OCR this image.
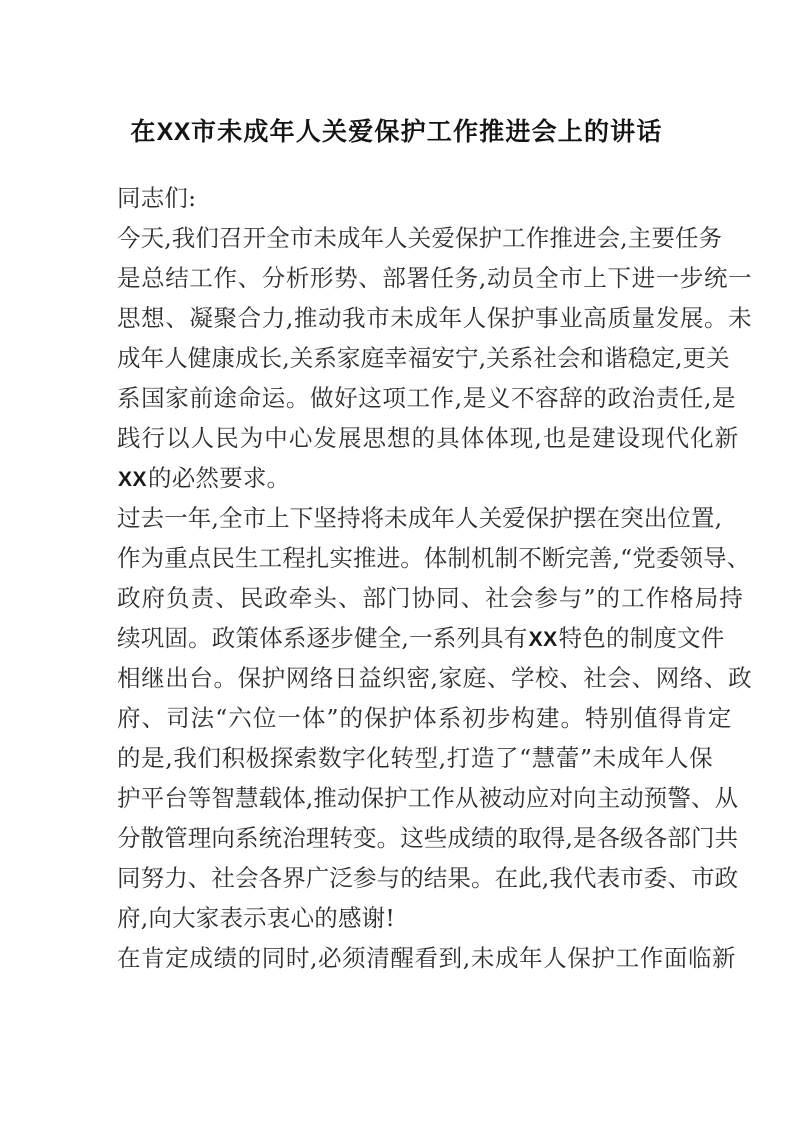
在XX市未成年人关爱保护工作推进会上的讲话
同志们:
今天,我们召开全市未成年人关爱保护工作推进会,主要任务
是总结工作、分析形势、部署任务,动员全市上下进一步统一
思想、凝聚合力,推动我市未成年人保护事业高质量发展。未
成年人健康成长,关系家庭幸福安宁,关系社会和谐稳定,更关
系国家前途命运。做好这项工作,是义不容辞的政治责任,是
践行以人民为中心发展思想的具体体现,也是建设现代化新
XX的必然要求。
过去一年,全市上下坚持将未成年人关爱保护摆在突出位置,
作为重点民生工程扎实推进。体制机制不断完善,“党委领导、
政府负责、民政牵头、部门协同、社会参与”的工作格局持
续巩固。政策体系逐步健全,一系列具有XX特色的制度文件
相继出台。保护网络日益织密,家庭、学校、社会、网络、政
府、司法“六位一体”的保护体系初步构建。特别值得肯定
的是,我们积极探索数字化转型,打造了“慧蕾”未成年人保
护平台等智慧载体,推动保护工作从被动应对向主动预警、从
分散管理向系统治理转变。这些成绩的取得,是各级各部门共
同努力、社会各界广泛参与的结果。在此,我代表市委、市政
府,向大家表示衷心的感谢!
在肯定成绩的同时,必须清醒看到,未成年人保护工作面临新
